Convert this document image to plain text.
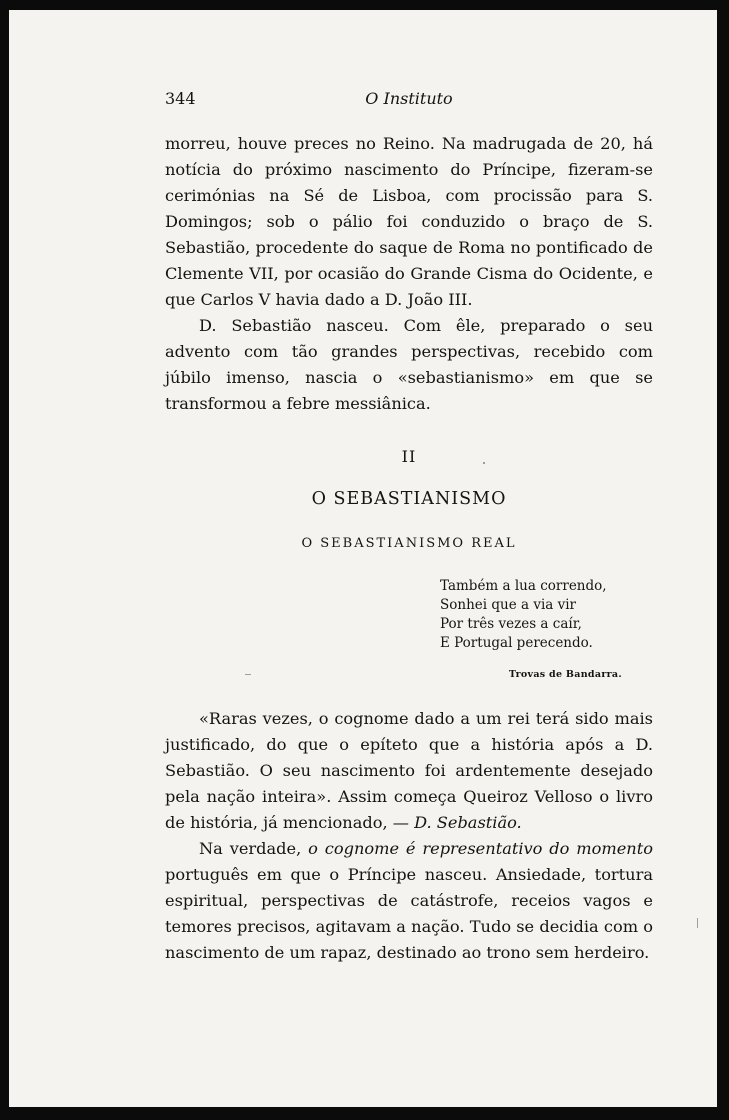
344	O Instituto

morreu, houve preces no Reino. Na madrugada de 20, há notícia do próximo nascimento do Príncipe, fizeram-se cerimónias na Sé de Lisboa, com procissão para S. Domingos; sob o pálio foi conduzido o braço de S. Sebastião, procedente do saque de Roma no pontificado de Clemente VII, por ocasião do Grande Cisma do Ocidente, e que Carlos V havia dado a D. João III.

D. Sebastião nasceu. Com êle, preparado o seu advento com tão grandes perspectivas, recebido com júbilo imenso, nascia o «sebastianismo» em que se transformou a febre messiânica.

II
O SEBASTIANISMO
O SEBASTIANISMO REAL
Também a lua correndo,
Sonhei que a via vir
Por três vezes a caír,
E Portugal perecendo.
Trovas de Bandarra.

«Raras vezes, o cognome dado a um rei terá sido mais justificado, do que o epíteto que a história após a D. Sebastião. O seu nascimento foi ardentemente desejado pela nação inteira». Assim começa Queiroz Velloso o livro de história, já mencionado, — D. Sebastião.

Na verdade, o cognome é representativo do momento português em que o Príncipe nasceu. Ansiedade, tortura espiritual, perspectivas de catástrofe, receios vagos e temores precisos, agitavam a nação. Tudo se decidia com o nascimento de um rapaz, destinado ao trono sem herdeiro.
